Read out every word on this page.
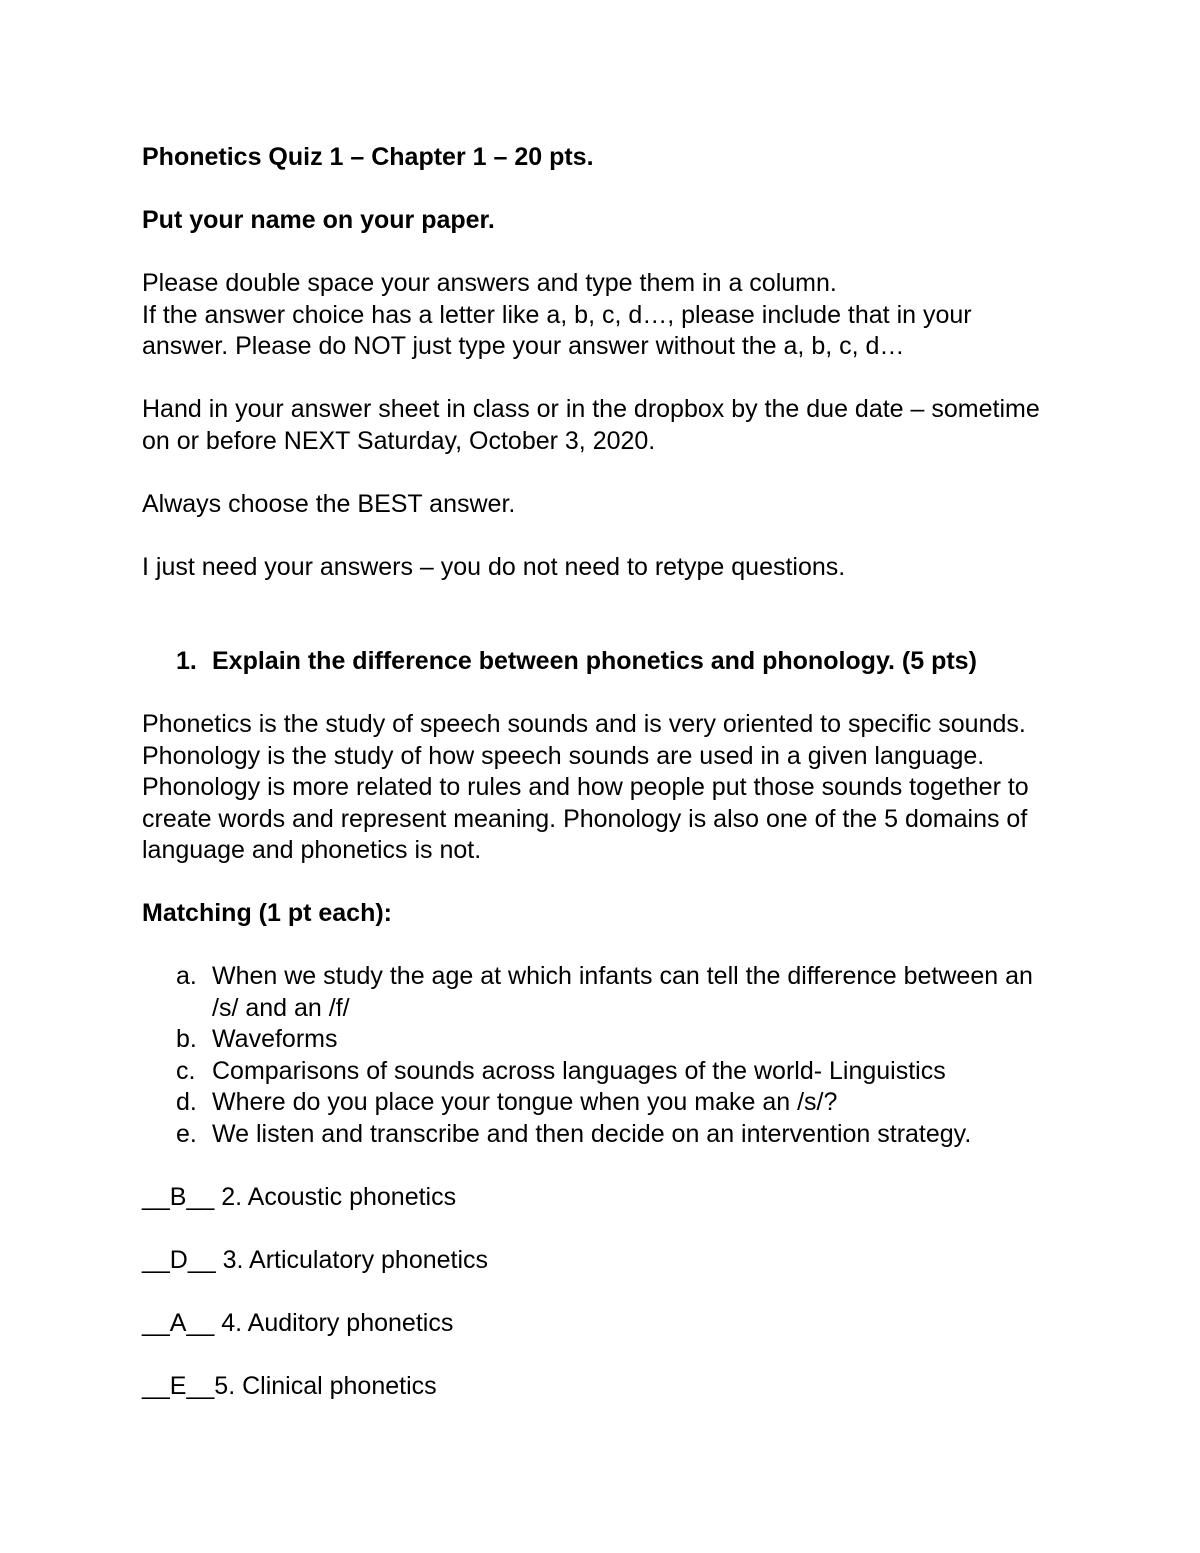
Phonetics Quiz 1 – Chapter 1 – 20 pts.

Put your name on your paper.

Please double space your answers and type them in a column.

If the answer choice has a letter like a, b, c, d…, please include that in your answer. Please do NOT just type your answer without the a, b, c, d…

Hand in your answer sheet in class or in the dropbox by the due date – sometime on or before NEXT Saturday, October 3, 2020.

Always choose the BEST answer.

I just need your answers – you do not need to retype questions.

1. Explain the difference between phonetics and phonology. (5 pts)

Phonetics is the study of speech sounds and is very oriented to specific sounds. Phonology is the study of how speech sounds are used in a given language. Phonology is more related to rules and how people put those sounds together to create words and represent meaning. Phonology is also one of the 5 domains of language and phonetics is not.

Matching (1 pt each):

a. When we study the age at which infants can tell the difference between an /s/ and an /f/
b. Waveforms
c. Comparisons of sounds across languages of the world- Linguistics
d. Where do you place your tongue when you make an /s/?
e. We listen and transcribe and then decide on an intervention strategy.

__B__ 2. Acoustic phonetics

__D__ 3. Articulatory phonetics

__A__ 4. Auditory phonetics

__E__5. Clinical phonetics
